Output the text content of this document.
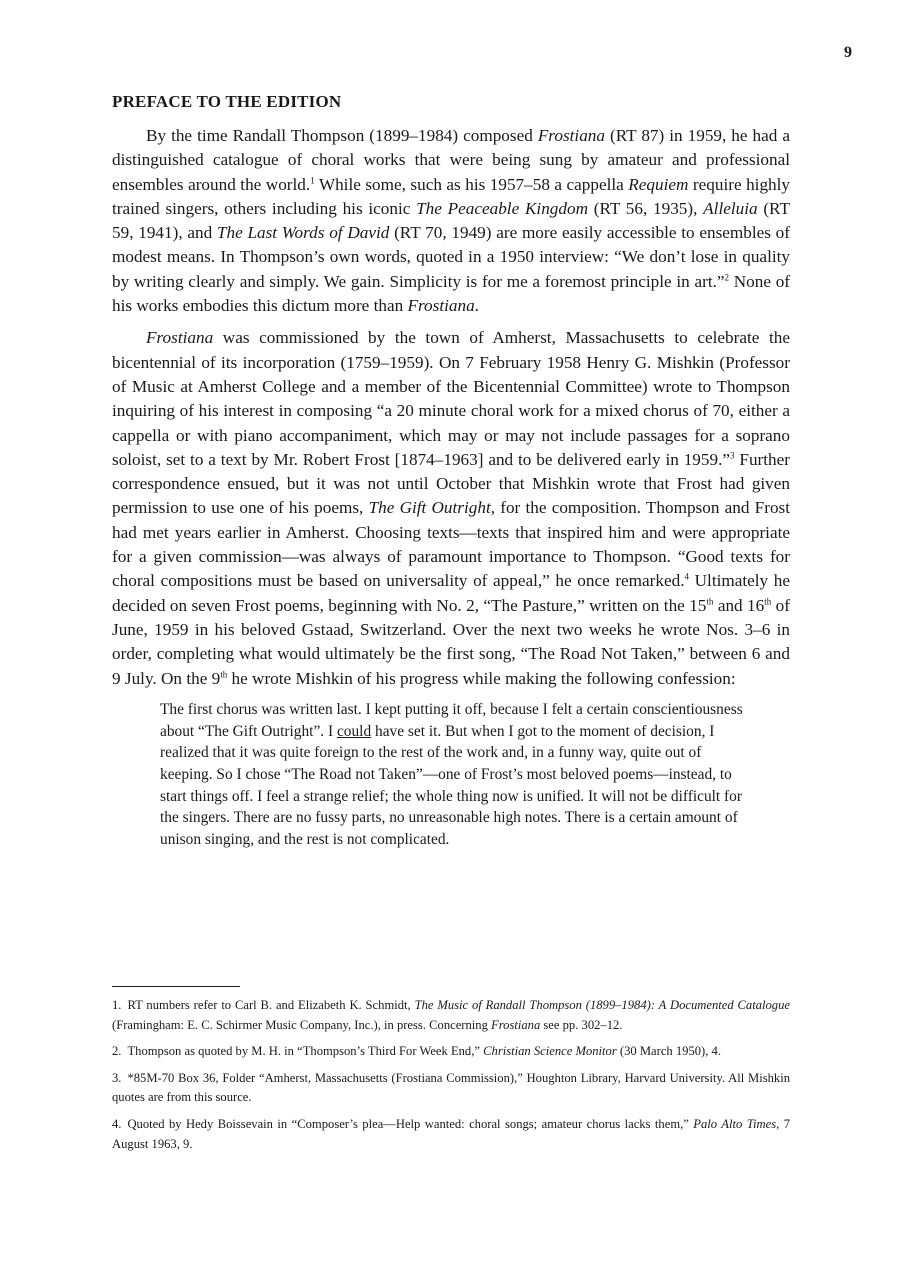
9
PREFACE TO THE EDITION

By the time Randall Thompson (1899–1984) composed Frostiana (RT 87) in 1959, he had a distinguished catalogue of choral works that were being sung by amateur and professional ensembles around the world.$^1$ While some, such as his 1957–58 a cappella Requiem require highly trained singers, others including his iconic The Peaceable Kingdom (RT 56, 1935), Alleluia (RT 59, 1941), and The Last Words of David (RT 70, 1949) are more easily accessible to ensembles of modest means. In Thompson’s own words, quoted in a 1950 interview: “We don’t lose in quality by writing clearly and simply. We gain. Simplicity is for me a foremost principle in art.”$^2$ None of his works embodies this dictum more than Frostiana.

Frostiana was commissioned by the town of Amherst, Massachusetts to celebrate the bicentennial of its incorporation (1759–1959). On 7 February 1958 Henry G. Mishkin (Professor of Music at Amherst College and a member of the Bicentennial Committee) wrote to Thompson inquiring of his interest in composing “a 20 minute choral work for a mixed chorus of 70, either a cappella or with piano accompaniment, which may or may not include passages for a soprano soloist, set to a text by Mr. Robert Frost [1874–1963] and to be delivered early in 1959.”$^3$ Further correspondence ensued, but it was not until October that Mishkin wrote that Frost had given permission to use one of his poems, The Gift Outright, for the composition. Thompson and Frost had met years earlier in Amherst. Choosing texts—texts that inspired him and were appropriate for a given commission—was always of paramount importance to Thompson. “Good texts for choral compositions must be based on universality of appeal,” he once remarked.$^4$ Ultimately he decided on seven Frost poems, beginning with No. 2, “The Pasture,” written on the 15th and 16th of June, 1959 in his beloved Gstaad, Switzerland. Over the next two weeks he wrote Nos. 3–6 in order, completing what would ultimately be the first song, “The Road Not Taken,” between 6 and 9 July. On the 9th he wrote Mishkin of his progress while making the following confession:

The first chorus was written last. I kept putting it off, because I felt a certain conscientiousness about “The Gift Outright”. I could have set it. But when I got to the moment of decision, I realized that it was quite foreign to the rest of the work and, in a funny way, quite out of keeping. So I chose “The Road not Taken”—one of Frost’s most beloved poems—instead, to start things off. I feel a strange relief; the whole thing now is unified. It will not be difficult for the singers. There are no fussy parts, no unreasonable high notes. There is a certain amount of unison singing, and the rest is not complicated.

1. RT numbers refer to Carl B. and Elizabeth K. Schmidt, The Music of Randall Thompson (1899–1984): A Documented Catalogue (Framingham: E. C. Schirmer Music Company, Inc.), in press. Concerning Frostiana see pp. 302–12.

2. Thompson as quoted by M. H. in “Thompson’s Third For Week End,” Christian Science Monitor (30 March 1950), 4.

3. *85M-70 Box 36, Folder “Amherst, Massachusetts (Frostiana Commission),” Houghton Library, Harvard University. All Mishkin quotes are from this source.

4. Quoted by Hedy Boissevain in “Composer’s plea—Help wanted: choral songs; amateur chorus lacks them,” Palo Alto Times, 7 August 1963, 9.
